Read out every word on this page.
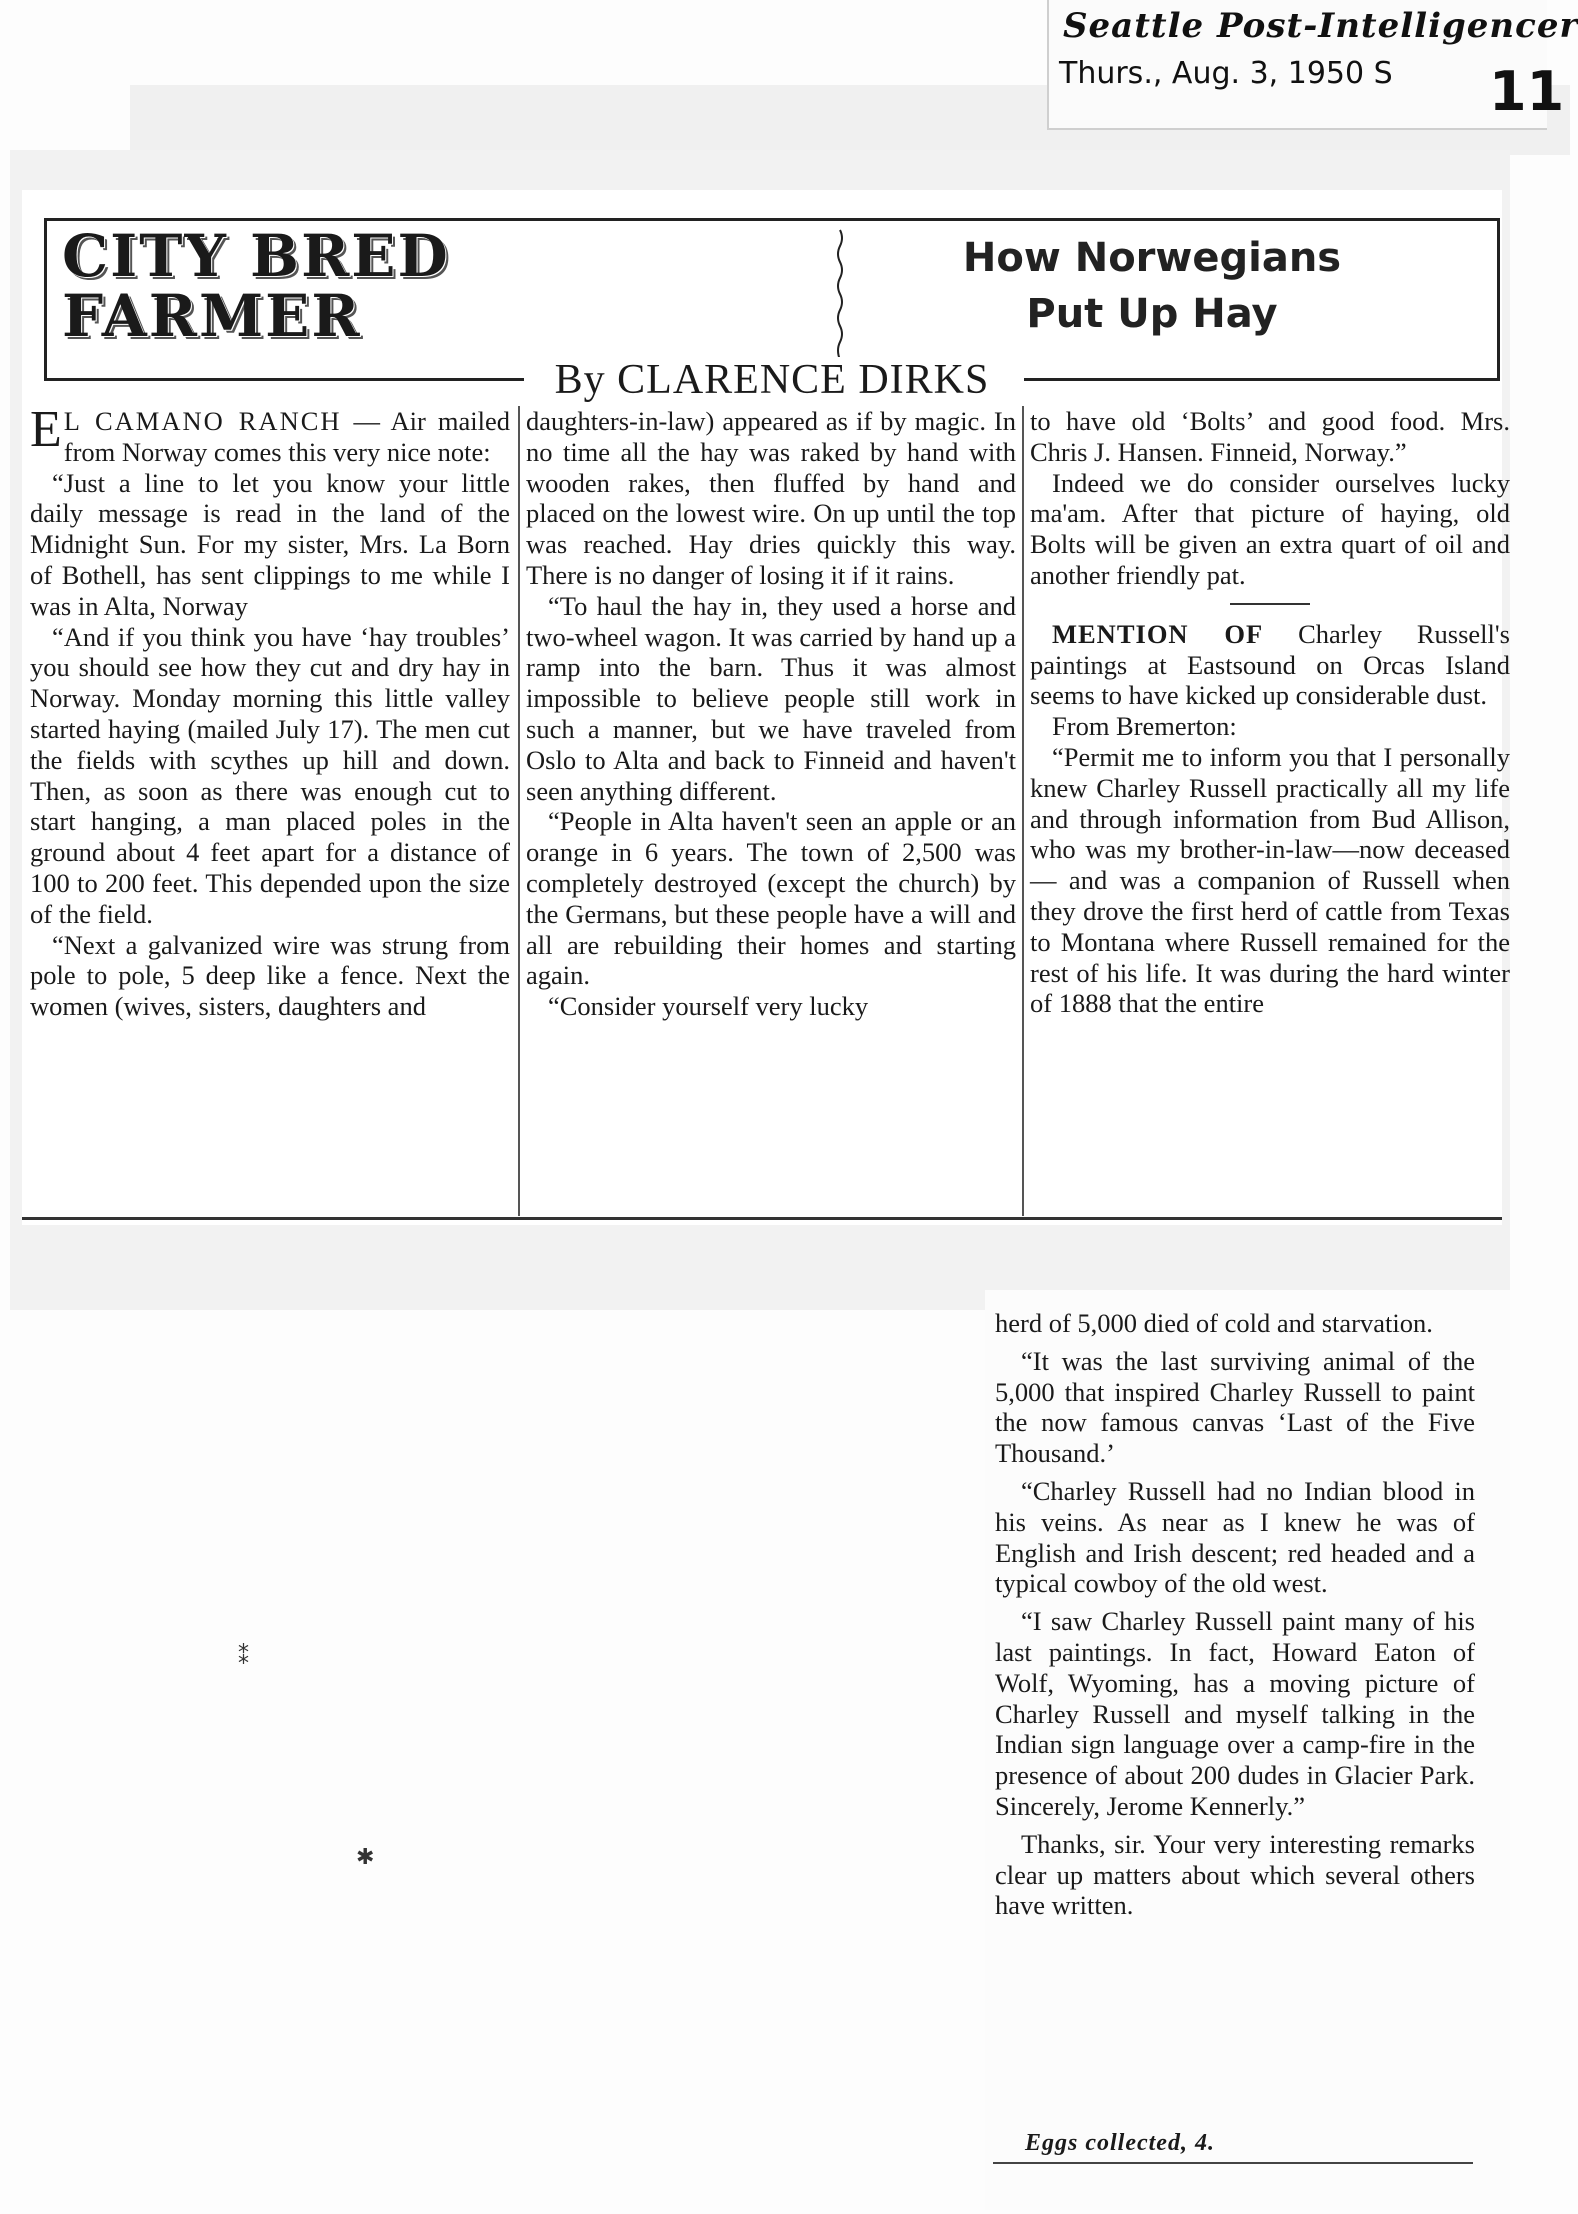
Seattle Post-Intelligencer
Thurs., Aug. 3, 1950 S 11
CITY BRED FARMER
How Norwegians Put Up Hay
By CLARENCE DIRKS

E L CAMANO RANCH — Air mailed from Norway comes this very nice note:

“Just a line to let you know your little daily message is read in the land of the Midnight Sun. For my sister, Mrs. La Born of Bothell, has sent clippings to me while I was in Alta, Norway

“And if you think you have ‘hay troubles’ you should see how they cut and dry hay in Norway. Monday morning this little valley started haying (mailed July 17). The men cut the fields with scythes up hill and down. Then, as soon as there was enough cut to start hanging, a man placed poles in the ground about 4 feet apart for a distance of 100 to 200 feet. This depended upon the size of the field.

“Next a galvanized wire was strung from pole to pole, 5 deep like a fence. Next the women (wives, sisters, daughters and

daughters-in-law) appeared as if by magic. In no time all the hay was raked by hand with wooden rakes, then fluffed by hand and placed on the lowest wire. On up until the top was reached. Hay dries quickly this way. There is no danger of losing it if it rains.

“To haul the hay in, they used a horse and two-wheel wagon. It was carried by hand up a ramp into the barn. Thus it was almost impossible to believe people still work in such a manner, but we have traveled from Oslo to Alta and back to Finneid and haven't seen anything different.

“People in Alta haven't seen an apple or an orange in 6 years. The town of 2,500 was completely destroyed (except the church) by the Germans, but these people have a will and all are rebuilding their homes and starting again.

“Consider yourself very lucky

to have old ‘Bolts’ and good food. Mrs. Chris J. Hansen. Finneid, Norway.”

Indeed we do consider ourselves lucky ma'am. After that picture of haying, old Bolts will be given an extra quart of oil and another friendly pat.

MENTION OF Charley Russell's paintings at Eastsound on Orcas Island seems to have kicked up considerable dust.

From Bremerton:

“Permit me to inform you that I personally knew Charley Russell practically all my life and through information from Bud Allison, who was my brother-in-law—now deceased — and was a companion of Russell when they drove the first herd of cattle from Texas to Montana where Russell remained for the rest of his life. It was during the hard winter of 1888 that the entire

herd of 5,000 died of cold and starvation.

“It was the last surviving animal of the 5,000 that inspired Charley Russell to paint the now famous canvas ‘Last of the Five Thousand.’

“Charley Russell had no Indian blood in his veins. As near as I knew he was of English and Irish descent; red headed and a typical cowboy of the old west.

“I saw Charley Russell paint many of his last paintings. In fact, Howard Eaton of Wolf, Wyoming, has a moving picture of Charley Russell and myself talking in the Indian sign language over a camp-fire in the presence of about 200 dudes in Glacier Park. Sincerely, Jerome Kennerly.”

Thanks, sir. Your very interesting remarks clear up matters about which several others have written.

Eggs collected, 4.
⁑
✱
